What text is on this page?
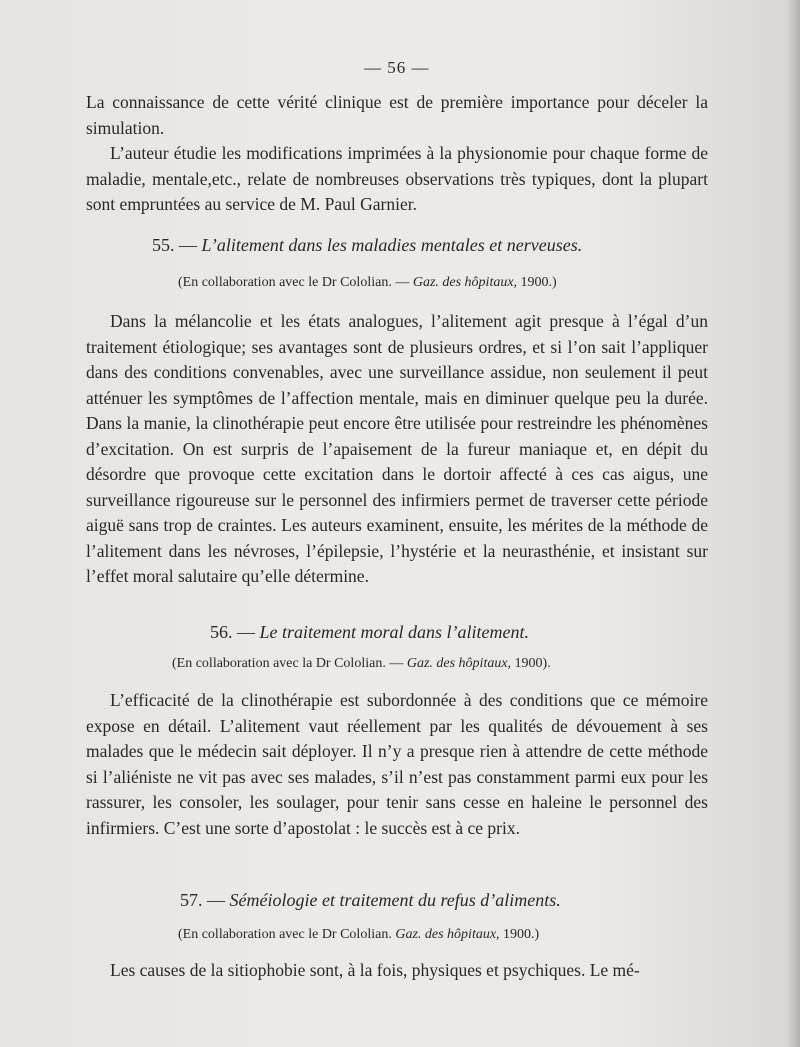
— 56 —

La connaissance de cette vérité clinique est de première importance pour déceler la simulation.

L’auteur étudie les modifications imprimées à la physionomie pour chaque forme de maladie, mentale,etc., relate de nombreuses observations très typiques, dont la plupart sont empruntées au service de M. Paul Garnier.

55. — L’alitement dans les maladies mentales et nerveuses.

(En collaboration avec le Dr Cololian. — Gaz. des hôpitaux, 1900.)

Dans la mélancolie et les états analogues, l’alitement agit presque à l’égal d’un traitement étiologique; ses avantages sont de plusieurs ordres, et si l’on sait l’appliquer dans des conditions convenables, avec une surveillance assidue, non seulement il peut atténuer les symptômes de l’affection mentale, mais en diminuer quelque peu la durée. Dans la manie, la clinothérapie peut encore être utilisée pour restreindre les phénomènes d’excitation. On est surpris de l’apaisement de la fureur maniaque et, en dépit du désordre que provoque cette excitation dans le dortoir affecté à ces cas aigus, une surveillance rigoureuse sur le personnel des infirmiers permet de traverser cette période aiguë sans trop de craintes. Les auteurs examinent, ensuite, les mérites de la méthode de l’alitement dans les névroses, l’épilepsie, l’hystérie et la neurasthénie, et insistant sur l’effet moral salutaire qu’elle détermine.

56. — Le traitement moral dans l’alitement.

(En collaboration avec la Dr Cololian. — Gaz. des hôpitaux, 1900).

L’efficacité de la clinothérapie est subordonnée à des conditions que ce mémoire expose en détail. L’alitement vaut réellement par les qualités de dévouement à ses malades que le médecin sait déployer. Il n’y a presque rien à attendre de cette méthode si l’aliéniste ne vit pas avec ses malades, s’il n’est pas constamment parmi eux pour les rassurer, les consoler, les soulager, pour tenir sans cesse en haleine le personnel des infirmiers. C’est une sorte d’apostolat : le succès est à ce prix.

57. — Séméiologie et traitement du refus d’aliments.

(En collaboration avec le Dr Cololian. Gaz. des hôpitaux, 1900.)

Les causes de la sitiophobie sont, à la fois, physiques et psychiques. Le mé-
